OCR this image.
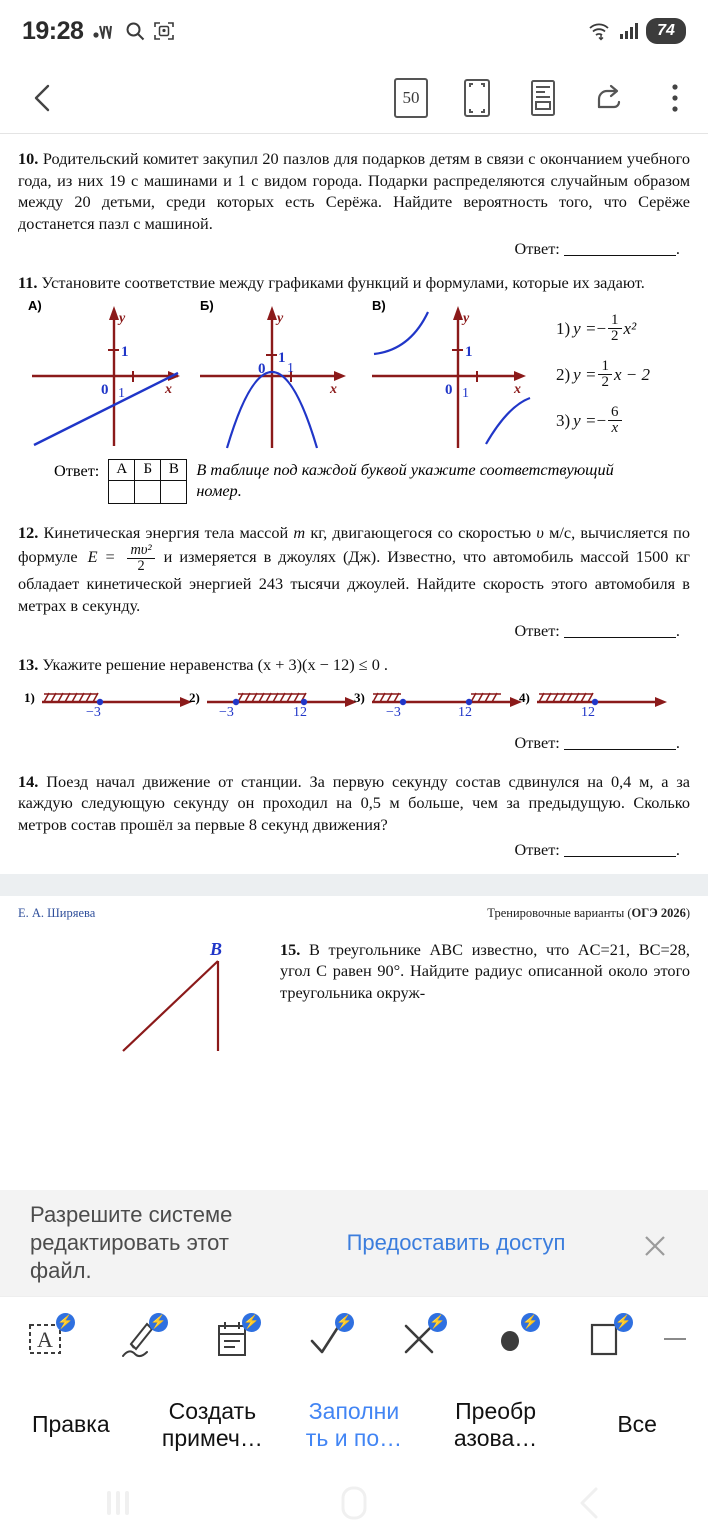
19:28	74
50
10. Родительский комитет закупил 20 пазлов для подарков детям в связи с окончанием учебного года, из них 19 с машинами и 1 с видом города. Подарки распределяются случайным образом между 20 детьми, среди которых есть Серёжа. Найдите вероятность того, что Серёже достанется пазл с машиной.
Ответ:	.
11. Установите соответствие между графиками функций и формулами, которые их задают.
А)
1
0 1	x
y
Б)
1
0 1
x
y
В)
1
0 1	x
y
1) y = − $\frac{1}{2} x^2$
2) $y = \frac{1}{2}$ x − 2
3) y = − $\frac{6}{x}$
Ответ: А	Б	В
		В таблице под каждой буквой укажите соответствующий номер.
12. Кинетическая энергия тела массой m кг, двигающегося со скоростью υ м/с, вычисляется по формуле $E = \frac{\text{mυ²}}{2}$ и измеряется в джоулях (Дж). Известно, что автомобиль массой 1500 кг обладает кинетической энергией 243 тысячи джоулей. Найдите скорость этого автомобиля в метрах в секунду.
Ответ:	.
13. Укажите решение неравенства (x + 3)(x − 12) ≤ 0 .
1)
−3
2)
−3	12
3)
−3	12
4)
12
Ответ:	.
14. Поезд начал движение от станции. За первую секунду состав сдвинулся на 0,4 м, а за каждую следующую секунду он проходил на 0,5 м больше, чем за предыдущую. Сколько метров состав прошёл за первые 8 секунд движения?
Ответ:	.
Е. А. Ширяева	Тренировочные варианты (ОГЭ 2026)
B	15. В треугольнике ABC известно, что AC=21, BC=28, угол C равен 90°. Найдите радиус описанной около этого треугольника окруж-
Разрешите системе редактировать этот файл.
Предоставить доступ
A
⚡	⚡	⚡	⚡	⚡	⚡	⚡
Правка
Создать
примеч…
Заполни
ть и по…
Преобр
азова…
Все
